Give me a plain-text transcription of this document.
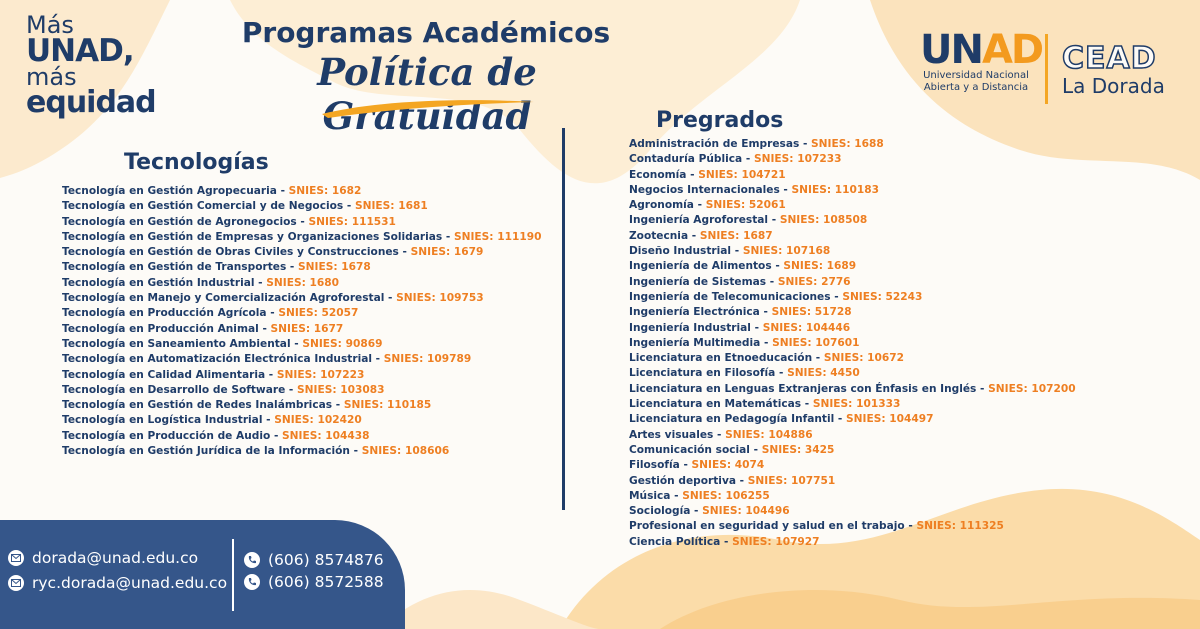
Más
UNAD,
más
equidad
Programas Académicos
Política de Gratuidad
UNAD
Universidad Nacional
Abierta y a Distancia
CEAD
La Dorada
Tecnologías
Tecnología en Gestión Agropecuaria - SNIES: 1682
Tecnología en Gestión Comercial y de Negocios - SNIES: 1681
Tecnología en Gestión de Agronegocios - SNIES: 111531
Tecnología en Gestión de Empresas y Organizaciones Solidarias - SNIES: 111190
Tecnología en Gestión de Obras Civiles y Construcciones - SNIES: 1679
Tecnología en Gestión de Transportes - SNIES: 1678
Tecnología en Gestión Industrial - SNIES: 1680
Tecnología en Manejo y Comercialización Agroforestal - SNIES: 109753
Tecnología en Producción Agrícola - SNIES: 52057
Tecnología en Producción Animal - SNIES: 1677
Tecnología en Saneamiento Ambiental - SNIES: 90869
Tecnología en Automatización Electrónica Industrial - SNIES: 109789
Tecnología en Calidad Alimentaria - SNIES: 107223
Tecnología en Desarrollo de Software - SNIES: 103083
Tecnología en Gestión de Redes Inalámbricas - SNIES: 110185
Tecnología en Logística Industrial - SNIES: 102420
Tecnología en Producción de Audio - SNIES: 104438
Tecnología en Gestión Jurídica de la Información - SNIES: 108606
Pregrados
Administración de Empresas - SNIES: 1688
Contaduría Pública - SNIES: 107233
Economía - SNIES: 104721
Negocios Internacionales - SNIES: 110183
Agronomía - SNIES: 52061
Ingeniería Agroforestal - SNIES: 108508
Zootecnia - SNIES: 1687
Diseño Industrial - SNIES: 107168
Ingeniería de Alimentos - SNIES: 1689
Ingeniería de Sistemas - SNIES: 2776
Ingeniería de Telecomunicaciones - SNIES: 52243
Ingeniería Electrónica - SNIES: 51728
Ingeniería Industrial - SNIES: 104446
Ingeniería Multimedia - SNIES: 107601
Licenciatura en Etnoeducación - SNIES: 10672
Licenciatura en Filosofía - SNIES: 4450
Licenciatura en Lenguas Extranjeras con Énfasis en Inglés - SNIES: 107200
Licenciatura en Matemáticas - SNIES: 101333
Licenciatura en Pedagogía Infantil - SNIES: 104497
Artes visuales - SNIES: 104886
Comunicación social - SNIES: 3425
Filosofía - SNIES: 4074
Gestión deportiva - SNIES: 107751
Música - SNIES: 106255
Sociología - SNIES: 104496
Profesional en seguridad y salud en el trabajo - SNIES: 111325
Ciencia Política - SNIES: 107927
dorada@unad.edu.co
ryc.dorada@unad.edu.co
(606) 8574876
(606) 8572588
